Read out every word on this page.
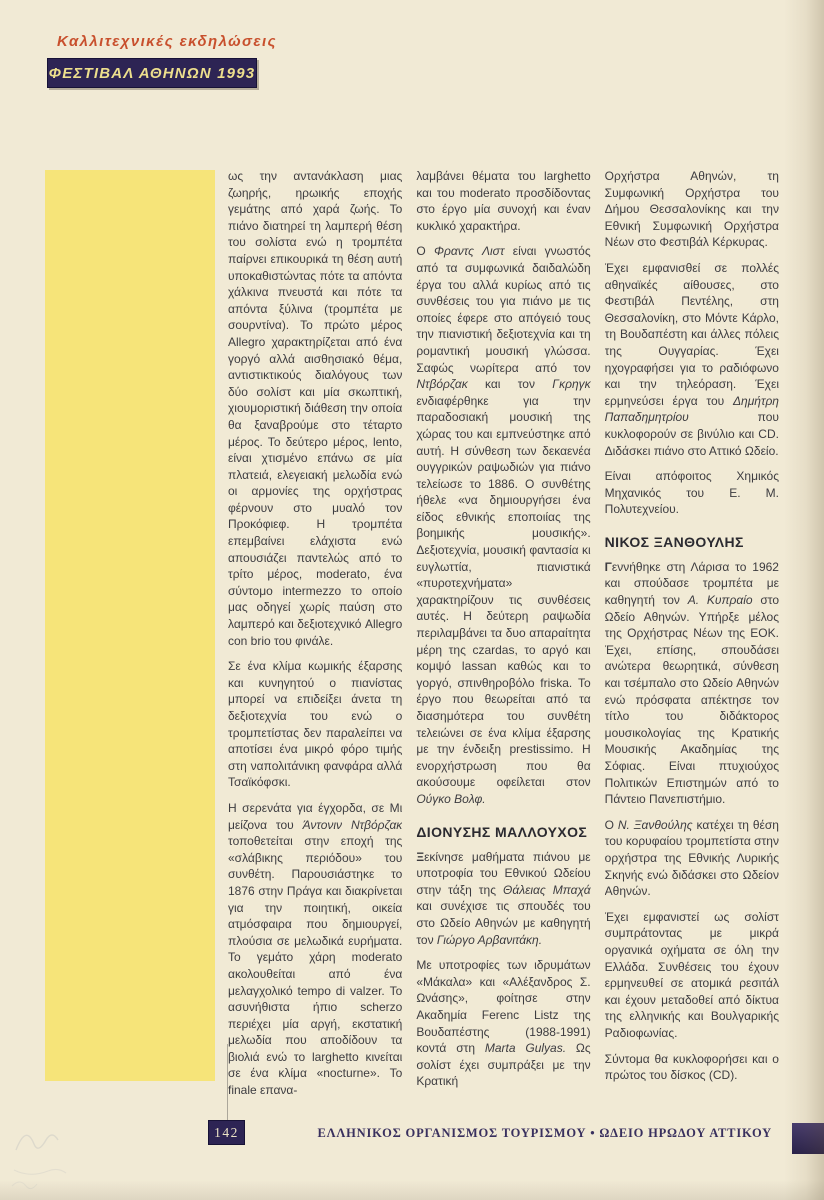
Καλλιτεχνικές εκδηλώσεις
ΦΕΣΤΙΒΑΛ ΑΘΗΝΩΝ 1993

ως την αντανάκλαση μιας ζωηρής, ηρωικής εποχής γεμάτης από χαρά ζωής. Το πιάνο διατηρεί τη λαμπερή θέση του σολίστα ενώ η τρομπέτα παίρνει επικουρικά τη θέση αυτή υποκαθιστώντας πότε τα απόντα χάλκινα πνευστά και πότε τα απόντα ξύλινα (τρομπέτα με σουρντίνα). Το πρώτο μέρος Allegro χαρακτηρίζεται από ένα γοργό αλλά αισθησιακό θέμα, αντιστικτικούς διαλόγους των δύο σολίστ και μία σκωπτική, χιουμοριστική διάθεση την οποία θα ξαναβρούμε στο τέταρτο μέρος. Το δεύτερο μέρος, lento, είναι χτισμένο επάνω σε μία πλατειά, ελεγειακή μελωδία ενώ οι αρμονίες της ορχήστρας φέρνουν στο μυαλό τον Προκόφιεφ. Η τρομπέτα επεμβαίνει ελάχιστα ενώ απουσιάζει παντελώς από το τρίτο μέρος, moderato, ένα σύντομο intermezzo το οποίο μας οδηγεί χωρίς παύση στο λαμπερό και δεξιοτεχνικό Allegro con brio του φινάλε.

Σε ένα κλίμα κωμικής έξαρσης και κυνηγητού ο πιανίστας μπορεί να επιδείξει άνετα τη δεξιοτεχνία του ενώ ο τρομπετίστας δεν παραλείπει να αποτίσει ένα μικρό φόρο τιμής στη ναπολιτάνικη φανφάρα αλλά Τσαϊκόφσκι.

Η σερενάτα για έγχορδα, σε Μι μείζονα του Άντονιν Ντβόρζακ τοποθετείται στην εποχή της «σλάβικης περιόδου» του συνθέτη. Παρουσιάστηκε το 1876 στην Πράγα και διακρίνεται για την ποιητική, οικεία ατμόσφαιρα που δημιουργεί, πλούσια σε μελωδικά ευρήματα. Το γεμάτο χάρη moderato ακολουθείται από ένα μελαγχολικό tempo di valzer. Το ασυνήθιστα ήπιο scherzo περιέχει μία αργή, εκστατική μελωδία που αποδίδουν τα βιολιά ενώ το larghetto κινείται σε ένα κλίμα «nocturne». Το finale επανα-

λαμβάνει θέματα του larghetto και του moderato προσδίδοντας στο έργο μία συνοχή και έναν κυκλικό χαρακτήρα.

Ο Φραντς Λιστ είναι γνωστός από τα συμφωνικά δαιδαλώδη έργα του αλλά κυρίως από τις συνθέσεις του για πιάνο με τις οποίες έφερε στο απόγειό τους την πιανιστική δεξιοτεχνία και τη ρομαντική μουσική γλώσσα. Σαφώς νωρίτερα από τον Ντβόρζακ και τον Γκρηγκ ενδιαφέρθηκε για την παραδοσιακή μουσική της χώρας του και εμπνεύστηκε από αυτή. Η σύνθεση των δεκαενέα ουγγρικών ραψωδιών για πιάνο τελείωσε το 1886. Ο συνθέτης ήθελε «να δημιουργήσει ένα είδος εθνικής εποποιίας της βοημικής μουσικής». Δεξιοτεχνία, μουσική φαντασία κι ευγλωττία, πιανιστικά «πυροτεχνήματα» χαρακτηρίζουν τις συνθέσεις αυτές. Η δεύτερη ραψωδία περιλαμβάνει τα δυο απαραίτητα μέρη της czardas, το αργό και κομψό lassan καθώς και το γοργό, σπινθηροβόλο friska. Το έργο που θεωρείται από τα διασημότερα του συνθέτη τελειώνει σε ένα κλίμα έξαρσης με την ένδειξη prestissimo. Η ενορχήστρωση που θα ακούσουμε οφείλεται στον Ούγκο Βολφ.

ΔΙΟΝΥΣΗΣ ΜΑΛΛΟΥΧΟΣ

Ξεκίνησε μαθήματα πιάνου με υποτροφία του Εθνικού Ωδείου στην τάξη της Θάλειας Μπαχά και συνέχισε τις σπουδές του στο Ωδείο Αθηνών με καθηγητή τον Γιώργο Αρβανιτάκη.

Με υποτροφίες των ιδρυμάτων «Μάκαλα» και «Αλέξανδρος Σ. Ωνάσης», φοίτησε στην Ακαδημία Ferenc Listz της Βουδαπέστης (1988-1991) κοντά στη Marta Gulyas. Ως σολίστ έχει συμπράξει με την Κρατική

Ορχήστρα Αθηνών, τη Συμφωνική Ορχήστρα του Δήμου Θεσσαλονίκης και την Εθνική Συμφωνική Ορχήστρα Νέων στο Φεστιβάλ Κέρκυρας.

Έχει εμφανισθεί σε πολλές αθηναϊκές αίθουσες, στο Φεστιβάλ Πεντέλης, στη Θεσσαλονίκη, στο Μόντε Κάρλο, τη Βουδαπέστη και άλλες πόλεις της Ουγγαρίας. Έχει ηχογραφήσει για το ραδιόφωνο και την τηλεόραση. Έχει ερμηνεύσει έργα του Δημήτρη Παπαδημητρίου που κυκλοφορούν σε βινύλιο και CD. Διδάσκει πιάνο στο Αττικό Ωδείο.

Είναι απόφοιτος Χημικός Μηχανικός του Ε. Μ. Πολυτεχνείου.

ΝΙΚΟΣ ΞΑΝΘΟΥΛΗΣ

Γεννήθηκε στη Λάρισα το 1962 και σπούδασε τρομπέτα με καθηγητή τον Α. Κυπραίο στο Ωδείο Αθηνών. Υπήρξε μέλος της Ορχήστρας Νέων της ΕΟΚ. Έχει, επίσης, σπουδάσει ανώτερα θεωρητικά, σύνθεση και τσέμπαλο στο Ωδείο Αθηνών ενώ πρόσφατα απέκτησε τον τίτλο του διδάκτορος μουσικολογίας της Κρατικής Μουσικής Ακαδημίας της Σόφιας. Είναι πτυχιούχος Πολιτικών Επιστημών από το Πάντειο Πανεπιστήμιο.

Ο Ν. Ξανθούλης κατέχει τη θέση του κορυφαίου τρομπετίστα στην ορχήστρα της Εθνικής Λυρικής Σκηνής ενώ διδάσκει στο Ωδείον Αθηνών.

Έχει εμφανιστεί ως σολίστ συμπράτοντας με μικρά οργανικά οχήματα σε όλη την Ελλάδα. Συνθέσεις του έχουν ερμηνευθεί σε ατομικά ρεσιτάλ και έχουν μεταδοθεί από δίκτυα της ελληνικής και Βουλγαρικής Ραδιοφωνίας.

Σύντομα θα κυκλοφορήσει και ο πρώτος του δίσκος (CD).

142	ΕΛΛΗΝΙΚΟΣ ΟΡΓΑΝΙΣΜΟΣ ΤΟΥΡΙΣΜΟΥ • ΩΔΕΙΟ ΗΡΩΔΟΥ ΑΤΤΙΚΟΥ
